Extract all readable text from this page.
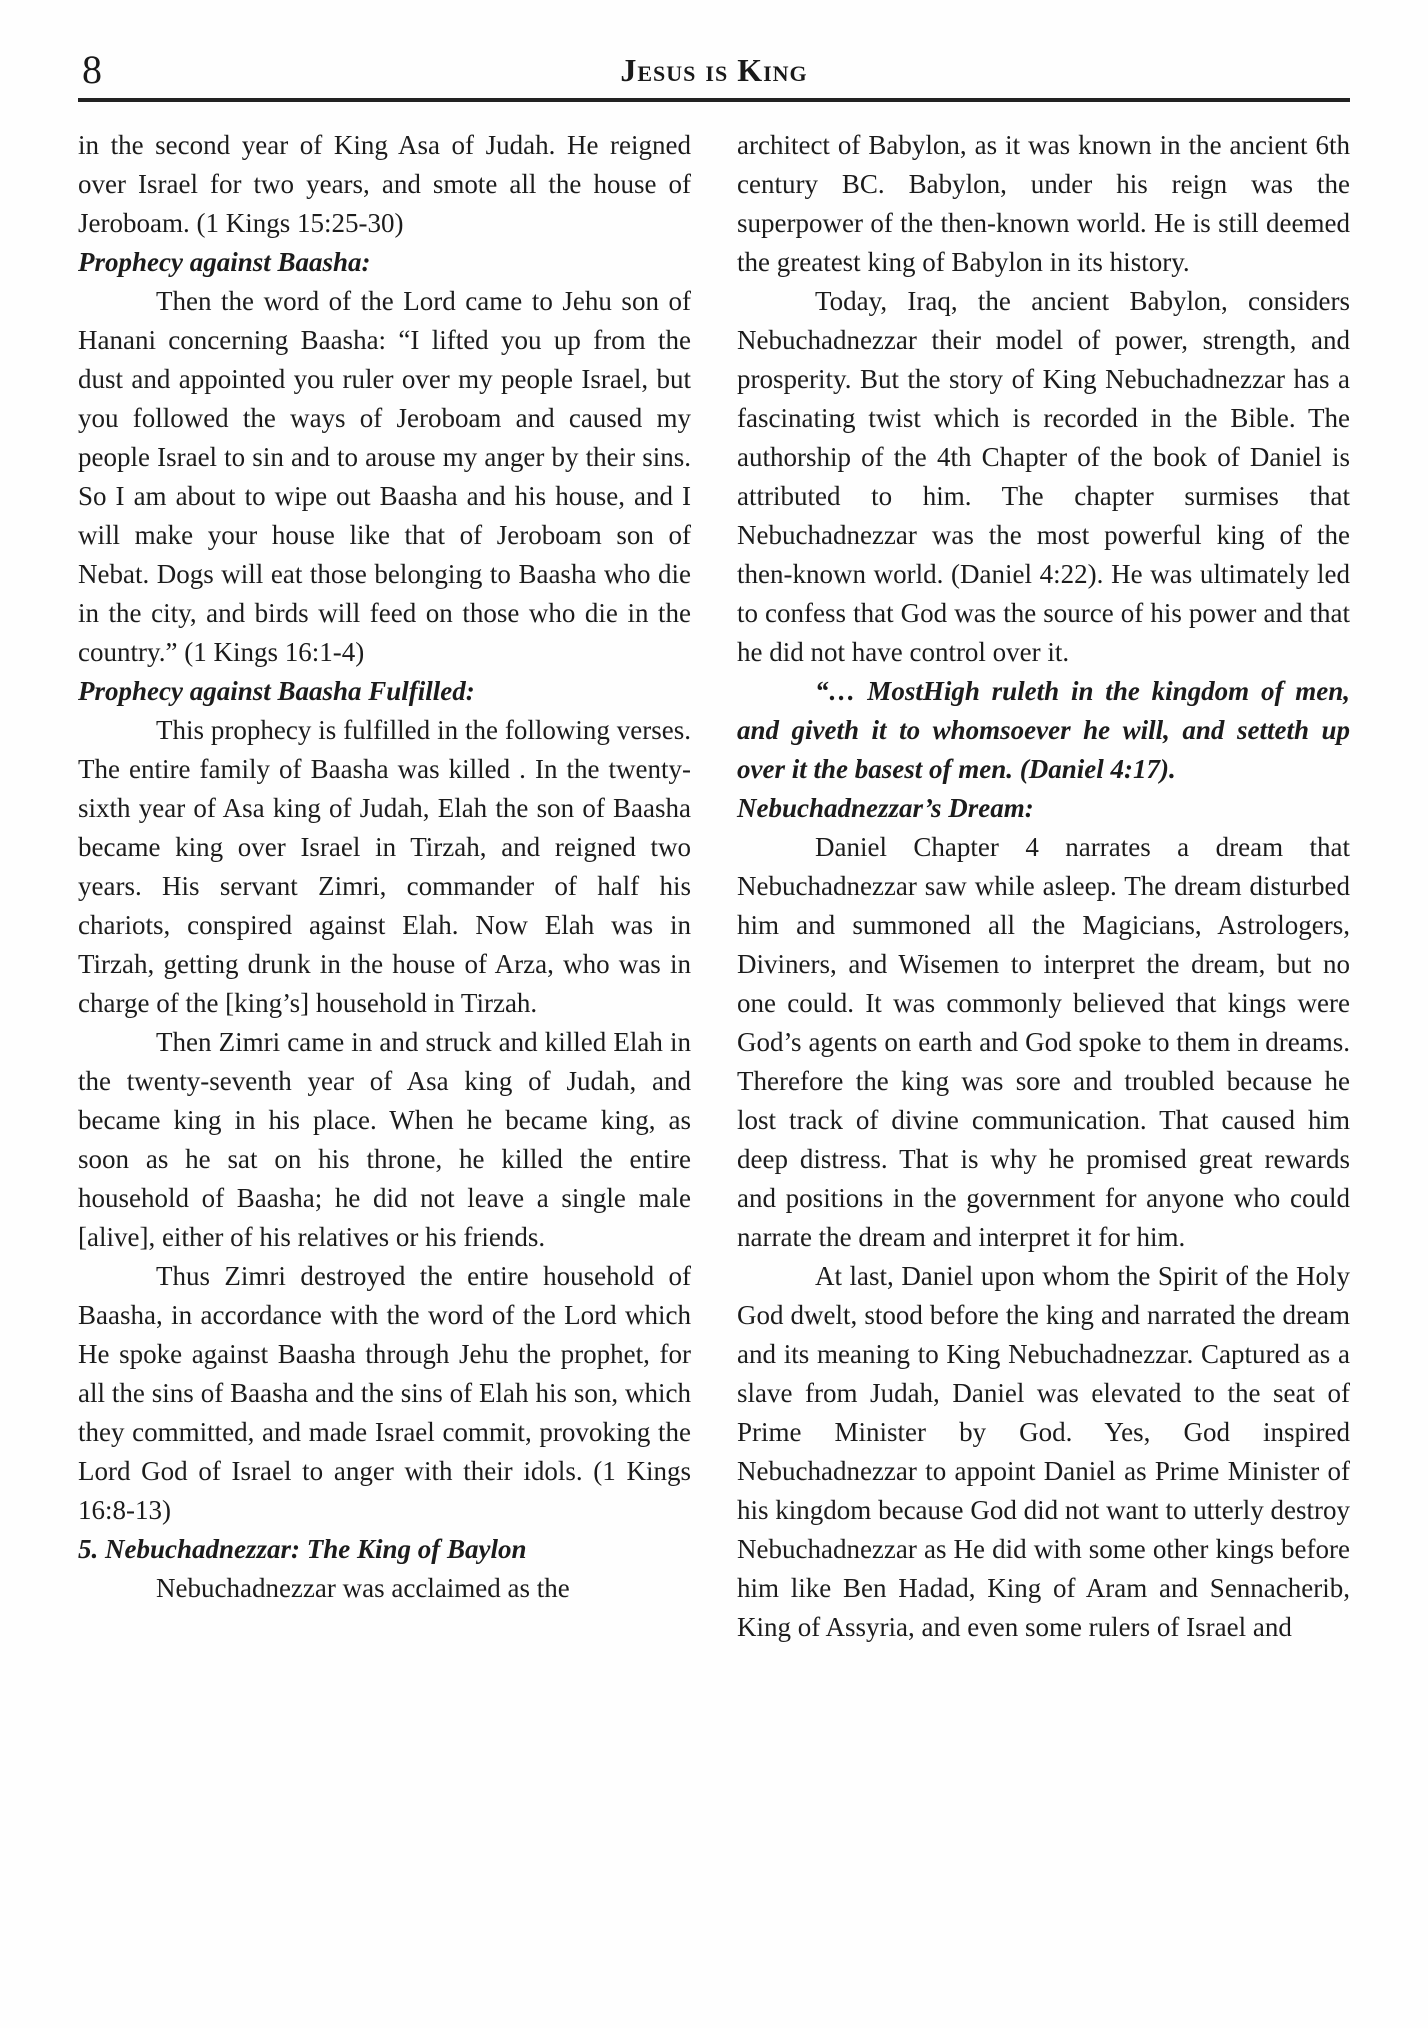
8	Jesus is King

in the second year of King Asa of Judah. He reigned over Israel for two years, and smote all the house of Jeroboam. (1 Kings 15:25-30)

Prophecy against Baasha:

Then the word of the Lord came to Jehu son of Hanani concerning Baasha: “I lifted you up from the dust and appointed you ruler over my people Israel, but you followed the ways of Jeroboam and caused my people Israel to sin and to arouse my anger by their sins. So I am about to wipe out Baasha and his house, and I will make your house like that of Jeroboam son of Nebat. Dogs will eat those belonging to Baasha who die in the city, and birds will feed on those who die in the country.” (1 Kings 16:1-4)

Prophecy against Baasha Fulfilled:

This prophecy is fulfilled in the following verses. The entire family of Baasha was killed . In the twenty-sixth year of Asa king of Judah, Elah the son of Baasha became king over Israel in Tirzah, and reigned two years. His servant Zimri, commander of half his chariots, conspired against Elah. Now Elah was in Tirzah, getting drunk in the house of Arza, who was in charge of the [king’s] household in Tirzah.

Then Zimri came in and struck and killed Elah in the twenty-seventh year of Asa king of Judah, and became king in his place. When he became king, as soon as he sat on his throne, he killed the entire household of Baasha; he did not leave a single male [alive], either of his relatives or his friends.

Thus Zimri destroyed the entire household of Baasha, in accordance with the word of the Lord which He spoke against Baasha through Jehu the prophet, for all the sins of Baasha and the sins of Elah his son, which they committed, and made Israel commit, provoking the Lord God of Israel to anger with their idols. (1 Kings 16:8-13)

5. Nebuchadnezzar: The King of Baylon

Nebuchadnezzar was acclaimed as the

architect of Babylon, as it was known in the ancient 6th century BC. Babylon, under his reign was the superpower of the then-known world. He is still deemed the greatest king of Babylon in its history.

Today, Iraq, the ancient Babylon, considers Nebuchadnezzar their model of power, strength, and prosperity. But the story of King Nebuchadnezzar has a fascinating twist which is recorded in the Bible. The authorship of the 4th Chapter of the book of Daniel is attributed to him. The chapter surmises that Nebuchadnezzar was the most powerful king of the then-known world. (Daniel 4:22). He was ultimately led to confess that God was the source of his power and that he did not have control over it.

“… MostHigh ruleth in the kingdom of men, and giveth it to whomsoever he will, and setteth up over it the basest of men. (Daniel 4:17).

Nebuchadnezzar’s Dream:

Daniel Chapter 4 narrates a dream that Nebuchadnezzar saw while asleep. The dream disturbed him and summoned all the Magicians, Astrologers, Diviners, and Wisemen to interpret the dream, but no one could. It was commonly believed that kings were God’s agents on earth and God spoke to them in dreams. Therefore the king was sore and troubled because he lost track of divine communication. That caused him deep distress. That is why he promised great rewards and positions in the government for anyone who could narrate the dream and interpret it for him.

At last, Daniel upon whom the Spirit of the Holy God dwelt, stood before the king and narrated the dream and its meaning to King Nebuchadnezzar. Captured as a slave from Judah, Daniel was elevated to the seat of Prime Minister by God. Yes, God inspired Nebuchadnezzar to appoint Daniel as Prime Minister of his kingdom because God did not want to utterly destroy Nebuchadnezzar as He did with some other kings before him like Ben Hadad, King of Aram and Sennacherib, King of Assyria, and even some rulers of Israel and
